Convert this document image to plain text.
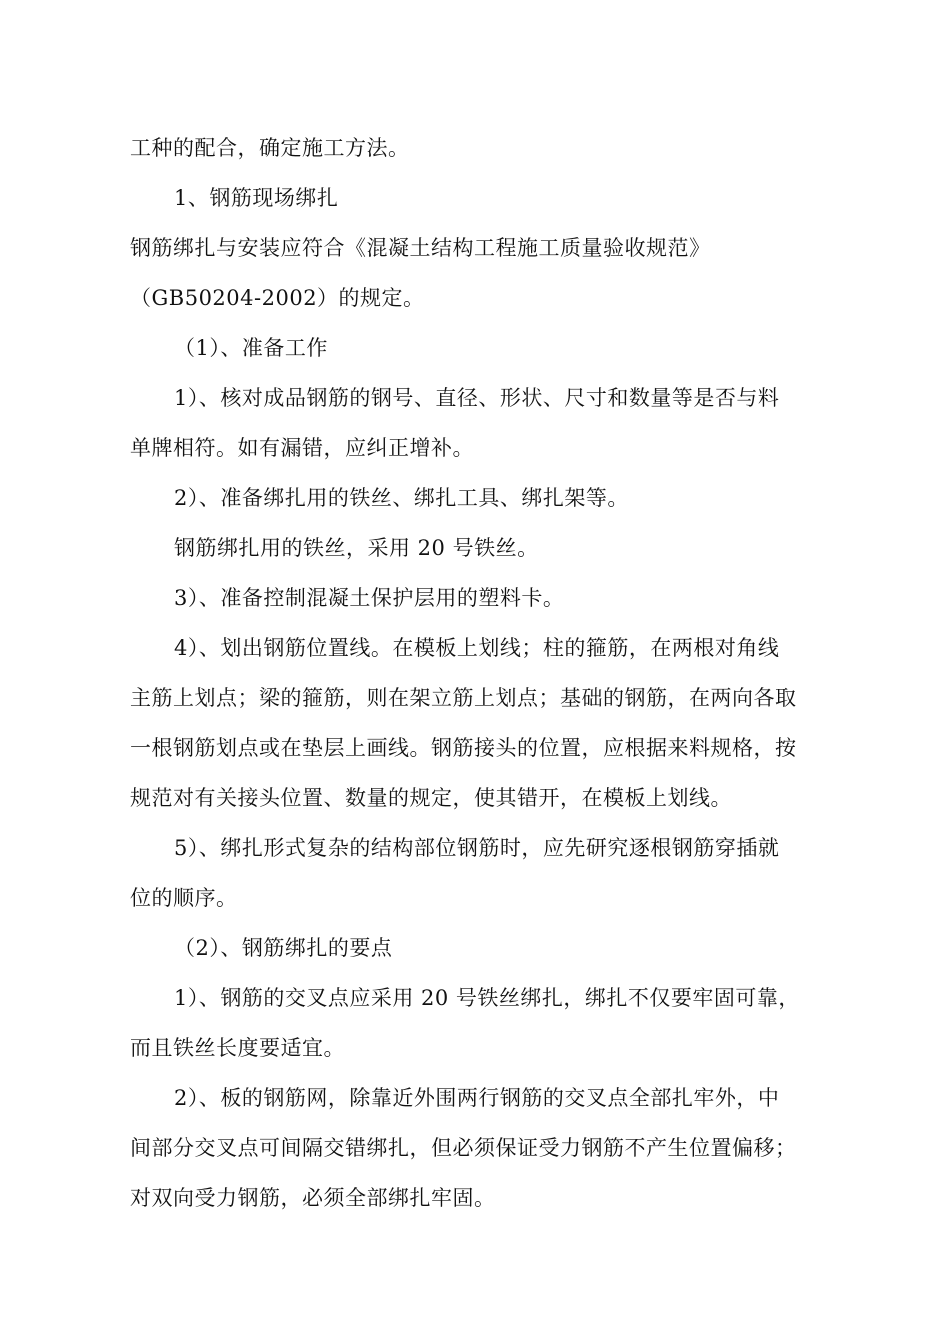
工种的配合，确定施工方法。
1、钢筋现场绑扎
钢筋绑扎与安装应符合《混凝土结构工程施工质量验收规范》
（GB50204-2002）的规定。
（1）、准备工作
1）、核对成品钢筋的钢号、直径、形状、尺寸和数量等是否与料
单牌相符。如有漏错，应纠正增补。
2）、准备绑扎用的铁丝、绑扎工具、绑扎架等。
钢筋绑扎用的铁丝，采用 20 号铁丝。
3）、准备控制混凝土保护层用的塑料卡。
4）、划出钢筋位置线。在模板上划线；柱的箍筋，在两根对角线
主筋上划点；梁的箍筋，则在架立筋上划点；基础的钢筋，在两向各取
一根钢筋划点或在垫层上画线。钢筋接头的位置，应根据来料规格，按
规范对有关接头位置、数量的规定，使其错开，在模板上划线。
5）、绑扎形式复杂的结构部位钢筋时，应先研究逐根钢筋穿插就
位的顺序。
（2）、钢筋绑扎的要点
1）、钢筋的交叉点应采用 20 号铁丝绑扎，绑扎不仅要牢固可靠，
而且铁丝长度要适宜。
2）、板的钢筋网，除靠近外围两行钢筋的交叉点全部扎牢外，中
间部分交叉点可间隔交错绑扎，但必须保证受力钢筋不产生位置偏移；
对双向受力钢筋，必须全部绑扎牢固。
